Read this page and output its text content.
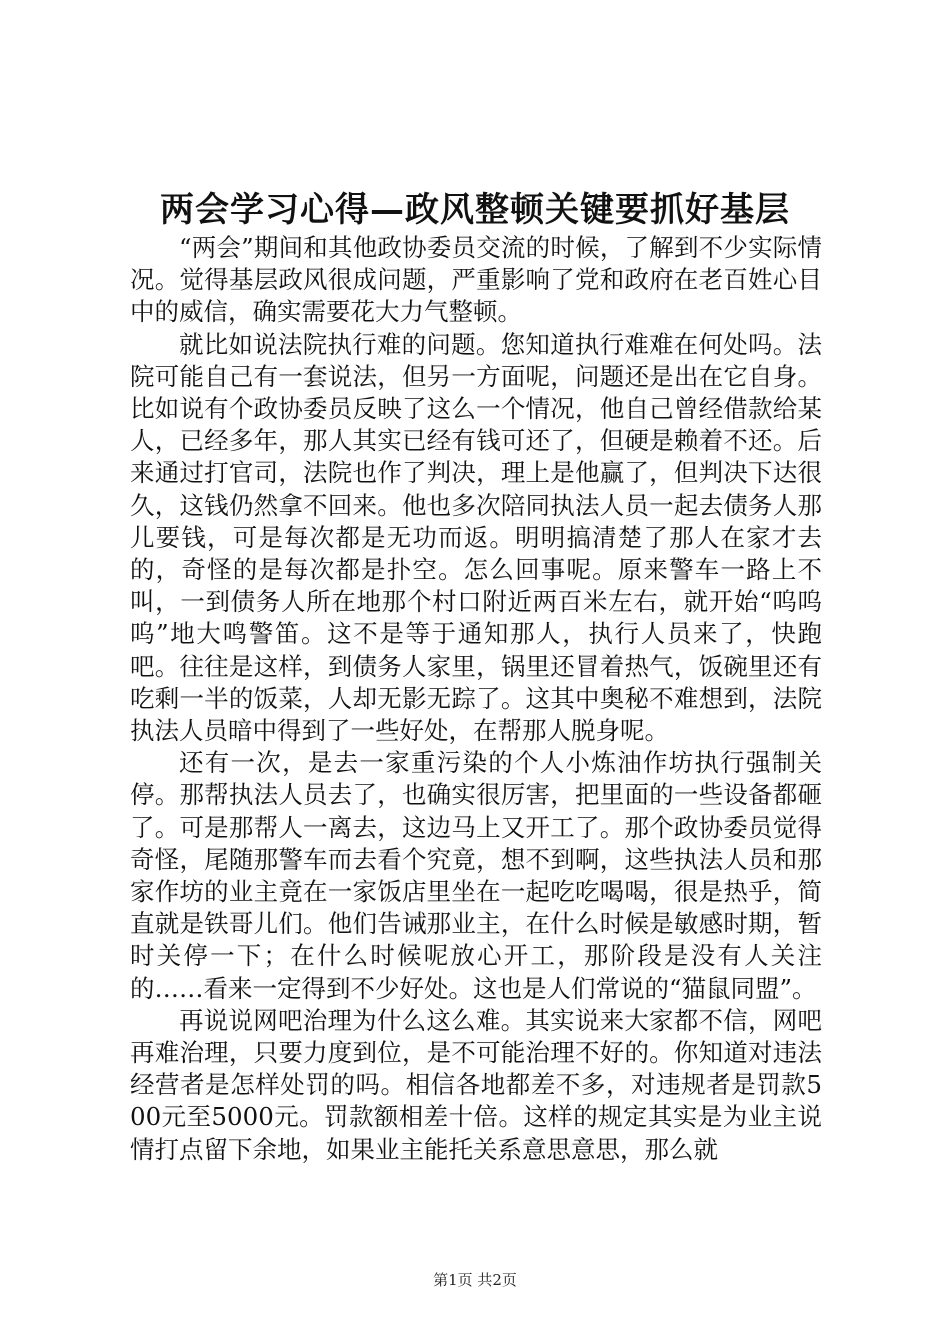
两会学习心得—政风整顿关键要抓好基层

“两会”期间和其他政协委员交流的时候，了解到不少实际情况。觉得基层政风很成问题，严重影响了党和政府在老百姓心目中的威信，确实需要花大力气整顿。

就比如说法院执行难的问题。您知道执行难难在何处吗。法院可能自己有一套说法，但另一方面呢，问题还是出在它自身。比如说有个政协委员反映了这么一个情况，他自己曾经借款给某人，已经多年，那人其实已经有钱可还了，但硬是赖着不还。后来通过打官司，法院也作了判决，理上是他赢了，但判决下达很久，这钱仍然拿不回来。他也多次陪同执法人员一起去债务人那儿要钱，可是每次都是无功而返。明明搞清楚了那人在家才去的，奇怪的是每次都是扑空。怎么回事呢。原来警车一路上不叫，一到债务人所在地那个村口附近两百米左右，就开始“呜呜呜”地大鸣警笛。这不是等于通知那人，执行人员来了，快跑吧。往往是这样，到债务人家里，锅里还冒着热气，饭碗里还有吃剩一半的饭菜，人却无影无踪了。这其中奥秘不难想到，法院执法人员暗中得到了一些好处，在帮那人脱身呢。

还有一次，是去一家重污染的个人小炼油作坊执行强制关停。那帮执法人员去了，也确实很厉害，把里面的一些设备都砸了。可是那帮人一离去，这边马上又开工了。那个政协委员觉得奇怪，尾随那警车而去看个究竟，想不到啊，这些执法人员和那家作坊的业主竟在一家饭店里坐在一起吃吃喝喝，很是热乎，简直就是铁哥儿们。他们告诫那业主，在什么时候是敏感时期，暂时关停一下；在什么时候呢放心开工，那阶段是没有人关注的……看来一定得到不少好处。这也是人们常说的“猫鼠同盟”。

再说说网吧治理为什么这么难。其实说来大家都不信，网吧再难治理，只要力度到位，是不可能治理不好的。你知道对违法经营者是怎样处罚的吗。相信各地都差不多，对违规者是罚款500元至5000元。罚款额相差十倍。这样的规定其实是为业主说情打点留下余地，如果业主能托关系意思意思，那么就

第1页 共2页
